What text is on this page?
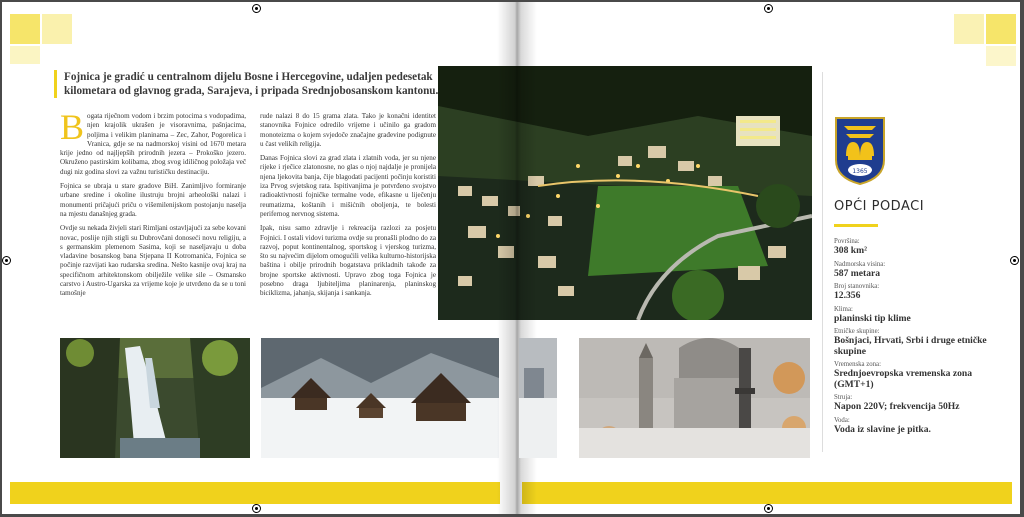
Fojnica je gradić u centralnom dijelu Bosne i Hercegovine, udaljen pedesetak kilometara od glavnog grada, Sarajeva, i pripada Srednjobosanskom kantonu.
B ogata riječnom vodom i brzim potocima s vodopadima, njen krajolik ukrašen je visoravnima, pašnjacima, poljima i velikim planinama – Zec, Zahor, Pogorelica i Vranica, gdje se na nadmorskoj visini od 1670 metara krije jedno od najljepših prirodnih jezera – Prokoško jezero. Okruženo pastirskim kolibama, zbog svog idiličnog položaja več dugi niz godina slovi za važnu turističku destinaciju.

Fojnica se ubraja u stare gradove BiH. Zanimljivo formiranje urbane sredine i okoline ilustruju brojni arheološki nalazi i monumenti pričajući priču o višemilenijskom postojanju naselja na mjestu današnjeg grada.

Ovdje su nekada živjeli stari Rimljani ostavljajući za sebe kovani novac, poslije njih stigli su Dubrovčani donoseći novu religiju, a s germanskim plemenom Sasima, koji se naseljavaju u doba vladavine bosanskog bana Stjepana II Kotromanića, Fojnica se počinje razvijati kao rudarska sredina. Nešto kasnije ovaj kraj na specifičnom arhitektonskom obilježile velike sile – Osmansko carstvo i Austro-Ugarska za vrijeme koje je utvrđeno da se u toni tamošnje

rude nalazi 8 do 15 grama zlata. Tako je konačni identitet stanovnika Fojnice odredilo vrijeme i učinilo ga gradom monoteizma o kojem svjedoče značajne građevine podignute u čast velikih religija.

Danas Fojnica slovi za grad zlata i zlatnih voda, jer su njene rijeke i rječice zlatonosne, no glas o njoj najdalje je pronijela njena ljekovita banja, čije blagodati pacijenti počinju koristiti iza Prvog svjetskog rata. Ispitivanjima je potvrđeno svojstvo radioaktivnosti fojničke termalne vode, efikasne u liječenju reumatizma, koštanih i mišićnih oboljenja, te bolesti perifernog nervnog sistema.

Ipak, nisu samo zdravlje i rekreacija razlozi za posjetu Fojnici. I ostali vidovi turizma ovdje su pronašli plodno do za razvoj, poput kontinentalnog, sportskog i vjerskog turizma, što su najvećim dijelom omogućili velika kulturno-historijska baština i obilje prirodnih bogatstava prikladnih takođe za brojne sportske aktivnosti. Upravo zbog toga Fojnica je posebno draga ljubiteljima planinarenja, planinskog biciklizma, jahanja, skijanja i sankanja.

1365
OPĆI PODACI
Površina:
308 km²
Nadmorska visina:
587 metara
Broj stanovnika:
12.356
Klima:
planinski tip klime
Etničke skupine:
Bošnjaci, Hrvati, Srbi i druge etničke skupine
Vremenska zona:
Srednjoevropska vremenska zona (GMT+1)
Struja:
Napon 220V; frekvencija 50Hz
Voda:
Voda iz slavine je pitka.
